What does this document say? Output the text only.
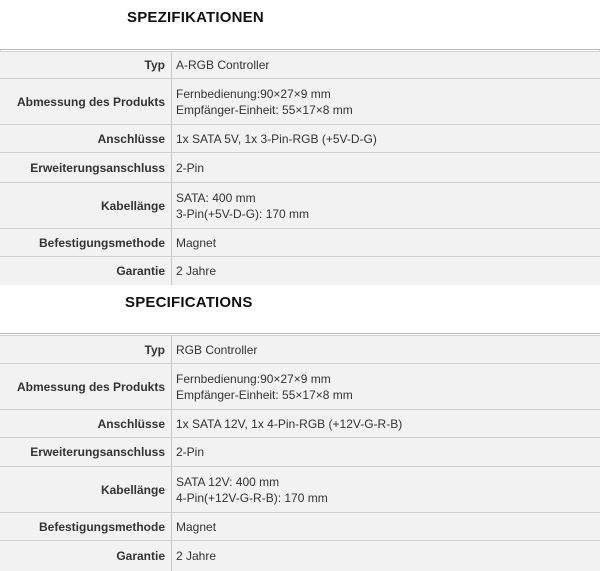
SPEZIFIKATIONEN
Typ A-RGB Controller
Abmessung des Produkts
Fernbedienung:90×27×9 mm
Empfänger-Einheit: 55×17×8 mm
Anschlüsse 1x SATA 5V, 1x 3-Pin-RGB (+5V-D-G)
Erweiterungsanschluss 2-Pin
Kabellänge
SATA: 400 mm
3-Pin(+5V-D-G): 170 mm
Befestigungsmethode Magnet
Garantie 2 Jahre
SPECIFICATIONS
Typ RGB Controller
Abmessung des Produkts
Fernbedienung:90×27×9 mm
Empfänger-Einheit: 55×17×8 mm
Anschlüsse 1x SATA 12V, 1x 4-Pin-RGB (+12V-G-R-B)
Erweiterungsanschluss 2-Pin
Kabellänge
SATA 12V: 400 mm
4-Pin(+12V-G-R-B): 170 mm
Befestigungsmethode Magnet
Garantie 2 Jahre
